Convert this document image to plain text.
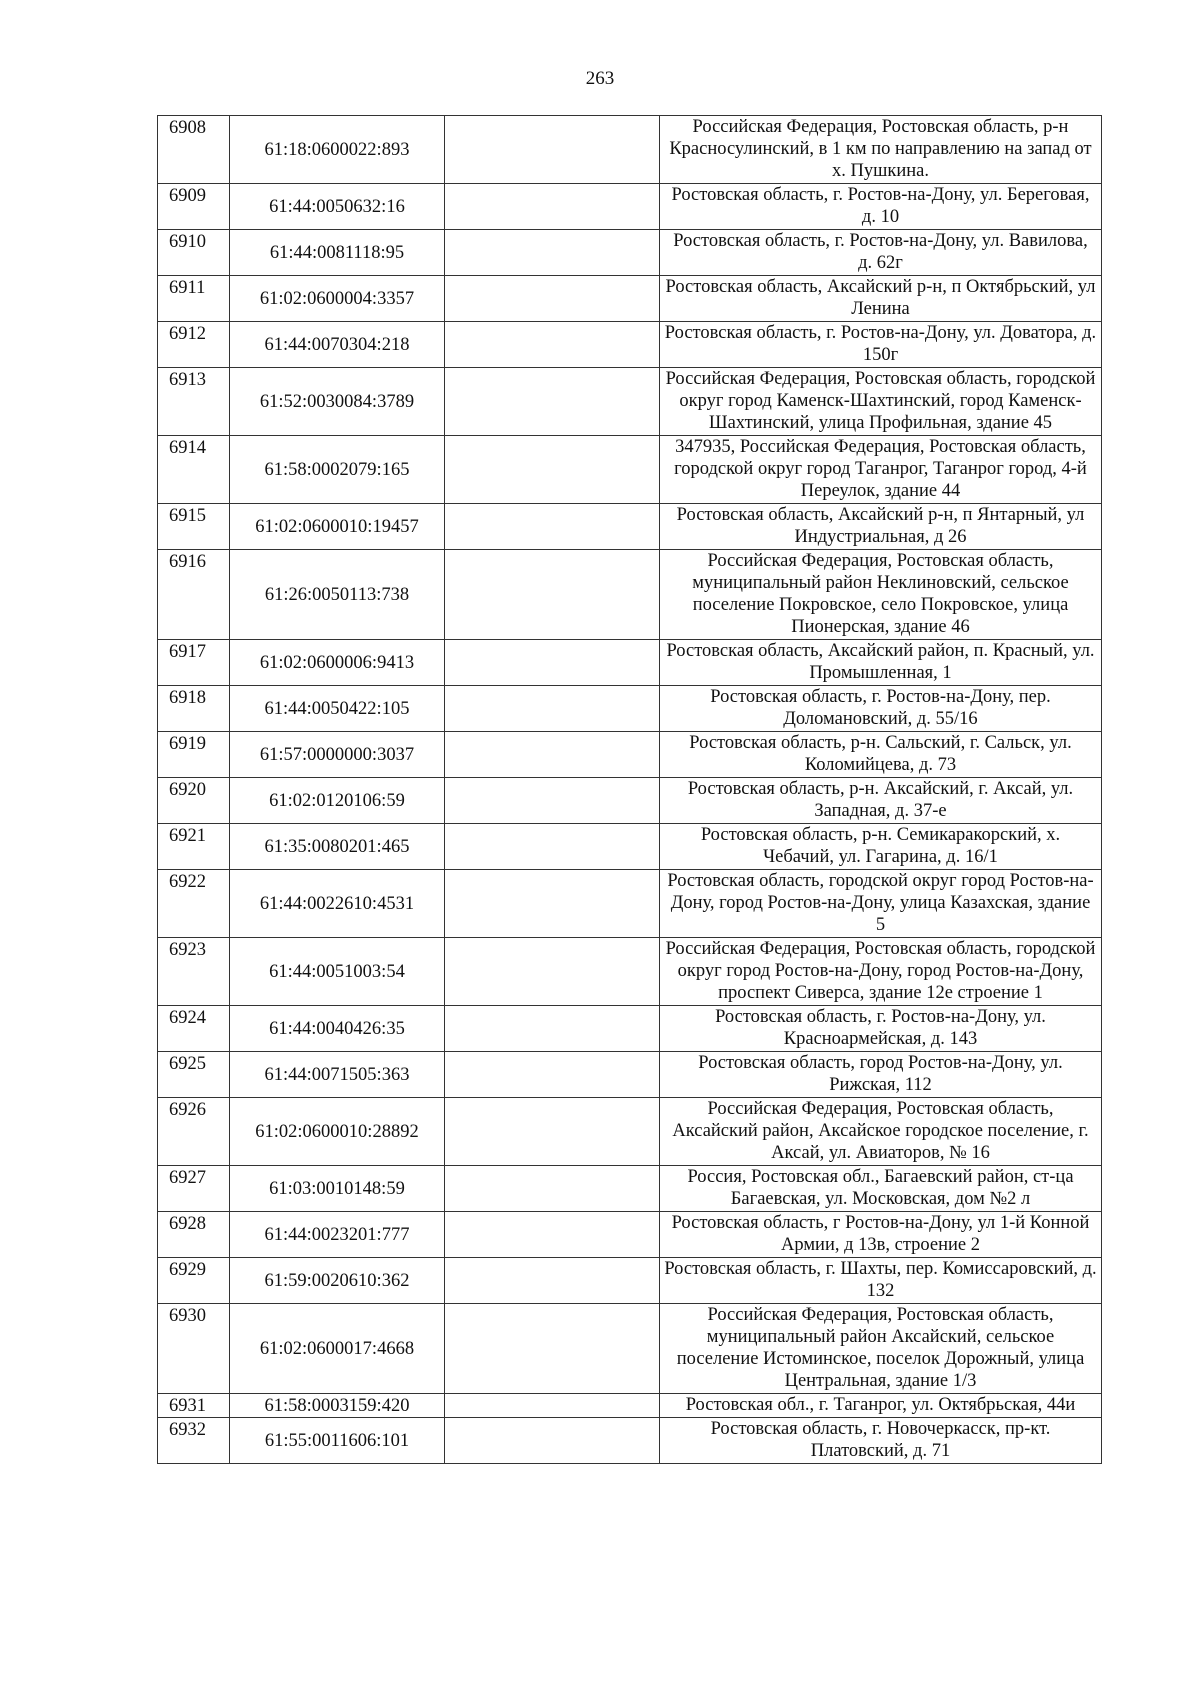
263
6908	61:18:0600022:893		Российская Федерация, Ростовская область, р-н Красносулинский, в 1 км по направлению на запад от х. Пушкина.
6909	61:44:0050632:16		Ростовская область, г. Ростов-на-Дону, ул. Береговая, д. 10
6910	61:44:0081118:95		Ростовская область, г. Ростов-на-Дону, ул. Вавилова, д. 62г
6911	61:02:0600004:3357		Ростовская область, Аксайский р-н, п Октябрьский, ул Ленина
6912	61:44:0070304:218		Ростовская область, г. Ростов-на-Дону, ул. Доватора, д. 150г
6913	61:52:0030084:3789		Российская Федерация, Ростовская область, городской округ город Каменск-Шахтинский, город Каменск-Шахтинский, улица Профильная, здание 45
6914	61:58:0002079:165		347935, Российская Федерация, Ростовская область, городской округ город Таганрог, Таганрог город, 4-й Переулок, здание 44
6915	61:02:0600010:19457		Ростовская область, Аксайский р-н, п Янтарный, ул Индустриальная, д 26
6916	61:26:0050113:738		Российская Федерация, Ростовская область, муниципальный район Неклиновский, сельское поселение Покровское, село Покровское, улица Пионерская, здание 46
6917	61:02:0600006:9413		Ростовская область, Аксайский район, п. Красный, ул. Промышленная, 1
6918	61:44:0050422:105		Ростовская область, г. Ростов-на-Дону, пер. Доломановский, д. 55/16
6919	61:57:0000000:3037		Ростовская область, р-н. Сальский, г. Сальск, ул. Коломийцева, д. 73
6920	61:02:0120106:59		Ростовская область, р-н. Аксайский, г. Аксай, ул. Западная, д. 37-е
6921	61:35:0080201:465		Ростовская область, р-н. Семикаракорский, х. Чебачий, ул. Гагарина, д. 16/1
6922	61:44:0022610:4531		Ростовская область, городской округ город Ростов-на-Дону, город Ростов-на-Дону, улица Казахская, здание 5
6923	61:44:0051003:54		Российская Федерация, Ростовская область, городской округ город Ростов-на-Дону, город Ростов-на-Дону, проспект Сиверса, здание 12е строение 1
6924	61:44:0040426:35		Ростовская область, г. Ростов-на-Дону, ул. Красноармейская, д. 143
6925	61:44:0071505:363		Ростовская область, город Ростов-на-Дону, ул. Рижская, 112
6926	61:02:0600010:28892		Российская Федерация, Ростовская область, Аксайский район, Аксайское городское поселение, г. Аксай, ул. Авиаторов, № 16
6927	61:03:0010148:59		Россия, Ростовская обл., Багаевский район, ст-ца Багаевская, ул. Московская, дом №2 л
6928	61:44:0023201:777		Ростовская область, г Ростов-на-Дону, ул 1-й Конной Армии, д 13в, строение 2
6929	61:59:0020610:362		Ростовская область, г. Шахты, пер. Комиссаровский, д. 132
6930	61:02:0600017:4668		Российская Федерация, Ростовская область, муниципальный район Аксайский, сельское поселение Истоминское, поселок Дорожный, улица Центральная, здание 1/3
6931	61:58:0003159:420		Ростовская обл., г. Таганрог, ул. Октябрьская, 44и
6932	61:55:0011606:101		Ростовская область, г. Новочеркасск, пр-кт. Платовский, д. 71
